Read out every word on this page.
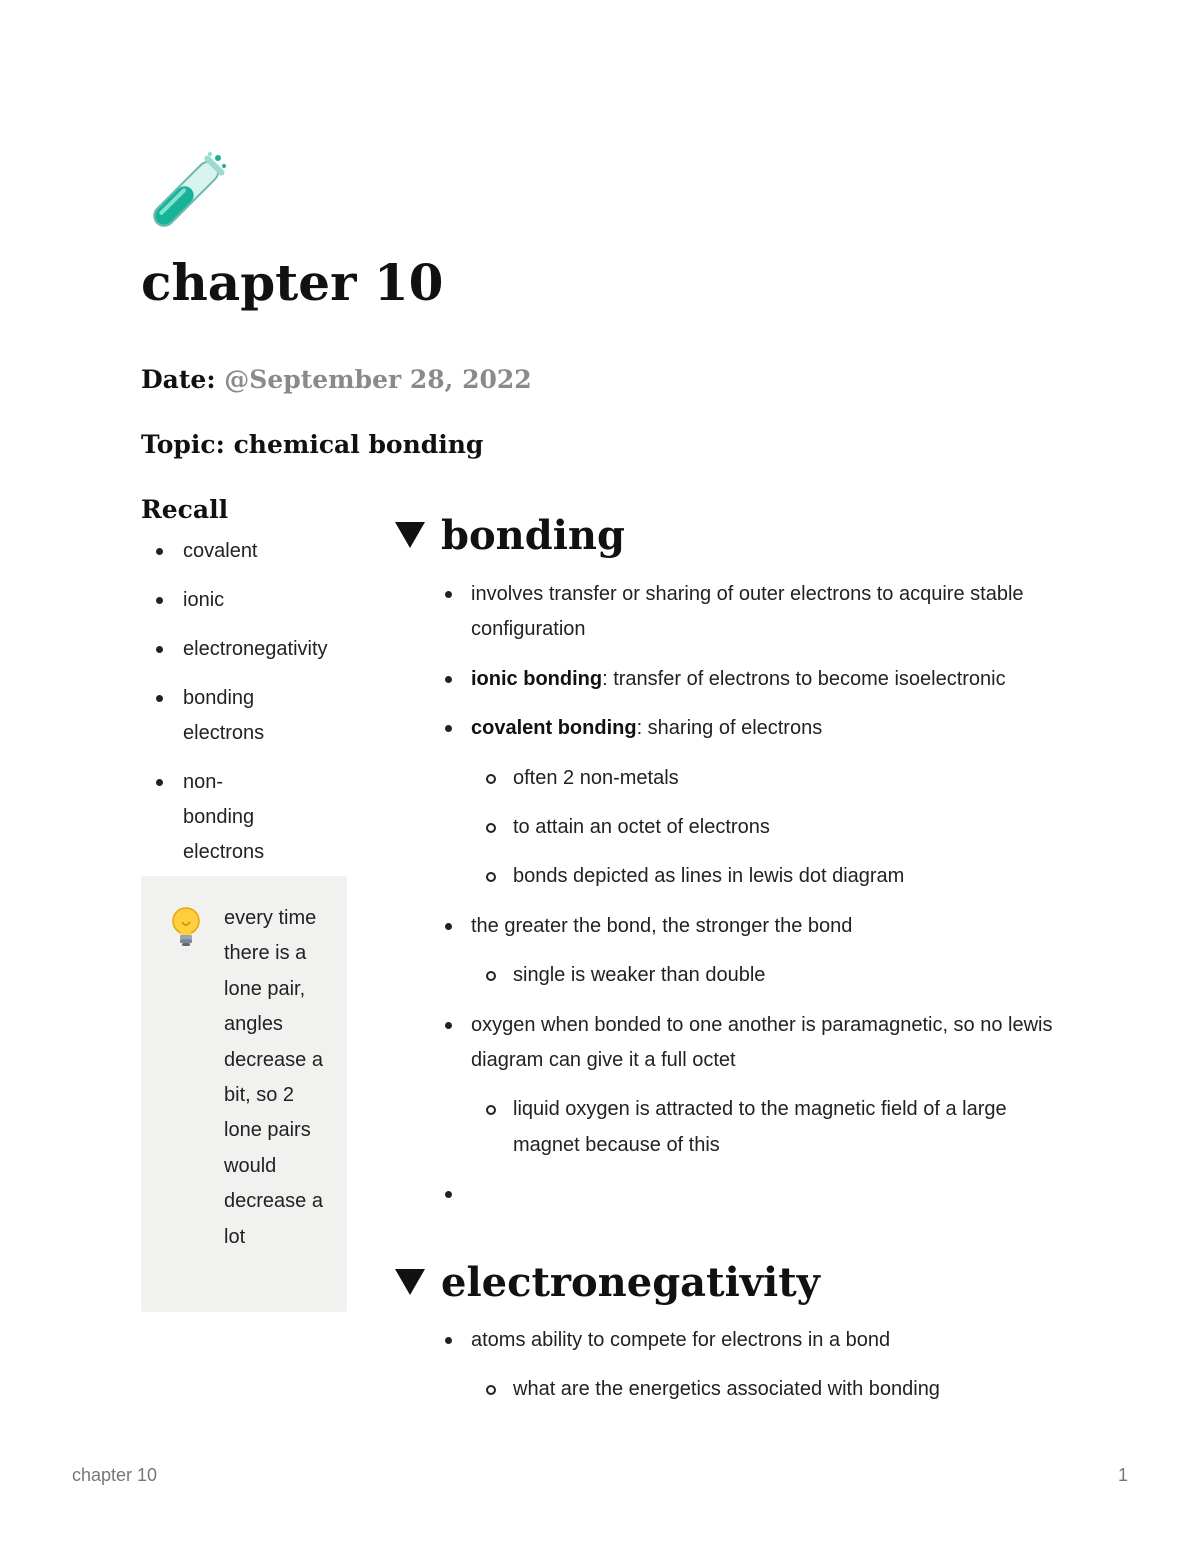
chapter 10

Date: @September 28, 2022

Topic: chemical bonding

Recall
covalent
ionic
electronegativity
bonding electrons
non-bonding electrons
every time there is a lone pair, angles decrease a bit, so 2 lone pairs would decrease a lot
bonding
involves transfer or sharing of outer electrons to acquire stable configuration
ionic bonding: transfer of electrons to become isoelectronic
covalent bonding: sharing of electrons
often 2 non-metals
to attain an octet of electrons
bonds depicted as lines in lewis dot diagram
the greater the bond, the stronger the bond
single is weaker than double
oxygen when bonded to one another is paramagnetic, so no lewis diagram can give it a full octet
liquid oxygen is attracted to the magnetic field of a large magnet because of this
electronegativity
atoms ability to compete for electrons in a bond
what are the energetics associated with bonding
chapter 10	1
